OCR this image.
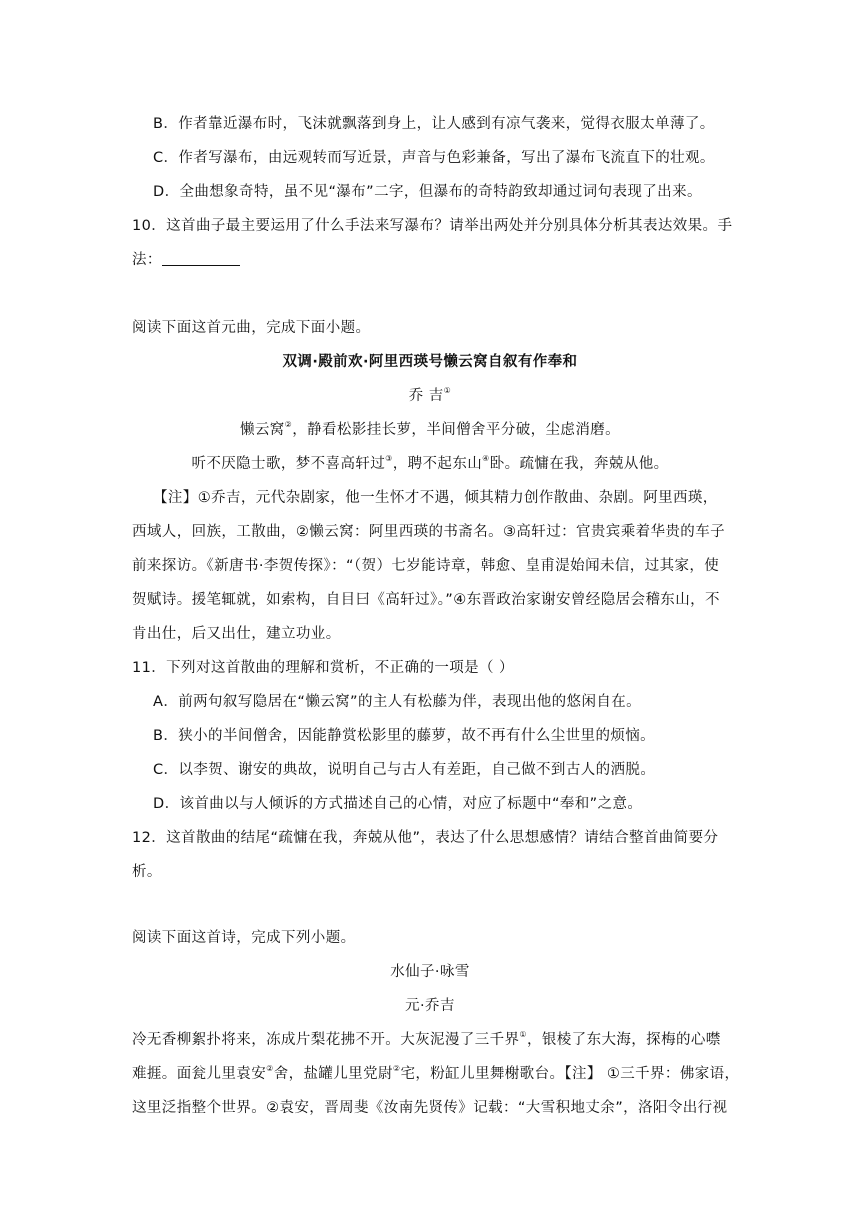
B．作者靠近瀑布时，飞沫就飘落到身上，让人感到有凉气袭来，觉得衣服太单薄了。
C．作者写瀑布，由远观转而写近景，声音与色彩兼备，写出了瀑布飞流直下的壮观。
D．全曲想象奇特，虽不见“瀑布”二字，但瀑布的奇特韵致却通过词句表现了出来。
10．这首曲子最主要运用了什么手法来写瀑布？请举出两处并分别具体分析其表达效果。手
法：
阅读下面这首元曲，完成下面小题。
双调·殿前欢·阿里西瑛号懒云窝自叙有作奉和
乔 吉①
懒云窝②，静看松影挂长萝，半间僧舍平分破，尘虑消磨。
听不厌隐士歌，梦不喜高轩过③，聘不起东山④卧。疏慵在我，奔兢从他。
【注】①乔吉，元代杂剧家，他一生怀才不遇，倾其精力创作散曲、杂剧。阿里西瑛，
西域人，回族，工散曲，②懒云窝：阿里西瑛的书斋名。③高轩过：官贵宾乘着华贵的车子
前来探访。《新唐书·李贺传探》：“（贺）七岁能诗章，韩愈、皇甫湜始闻未信，过其家，使
贺赋诗。援笔辄就，如索构，自目曰《高轩过》。”④东晋政治家谢安曾经隐居会稽东山，不
肯出仕，后又出仕，建立功业。
11．下列对这首散曲的理解和赏析，不正确的一项是（ ）
A．前两句叙写隐居在“懒云窝”的主人有松藤为伴，表现出他的悠闲自在。
B．狭小的半间僧舍，因能静赏松影里的藤萝，故不再有什么尘世里的烦恼。
C．以李贺、谢安的典故，说明自己与古人有差距，自己做不到古人的洒脱。
D．该首曲以与人倾诉的方式描述自己的心情，对应了标题中“奉和”之意。
12．这首散曲的结尾“疏慵在我，奔兢从他”，表达了什么思想感情？请结合整首曲简要分
析。
阅读下面这首诗，完成下列小题。
水仙子·咏雪
元·乔吉
冷无香柳絮扑将来，冻成片梨花拂不开。大灰泥漫了三千界①，银棱了东大海，探梅的心噤
难捱。面瓮儿里袁安②舍，盐罐儿里党尉②宅，粉缸儿里舞榭歌台。【注】 ①三千界：佛家语，
这里泛指整个世界。②袁安，晋周斐《汝南先贤传》记载：“大雪积地丈余”，洛阳令出行视
